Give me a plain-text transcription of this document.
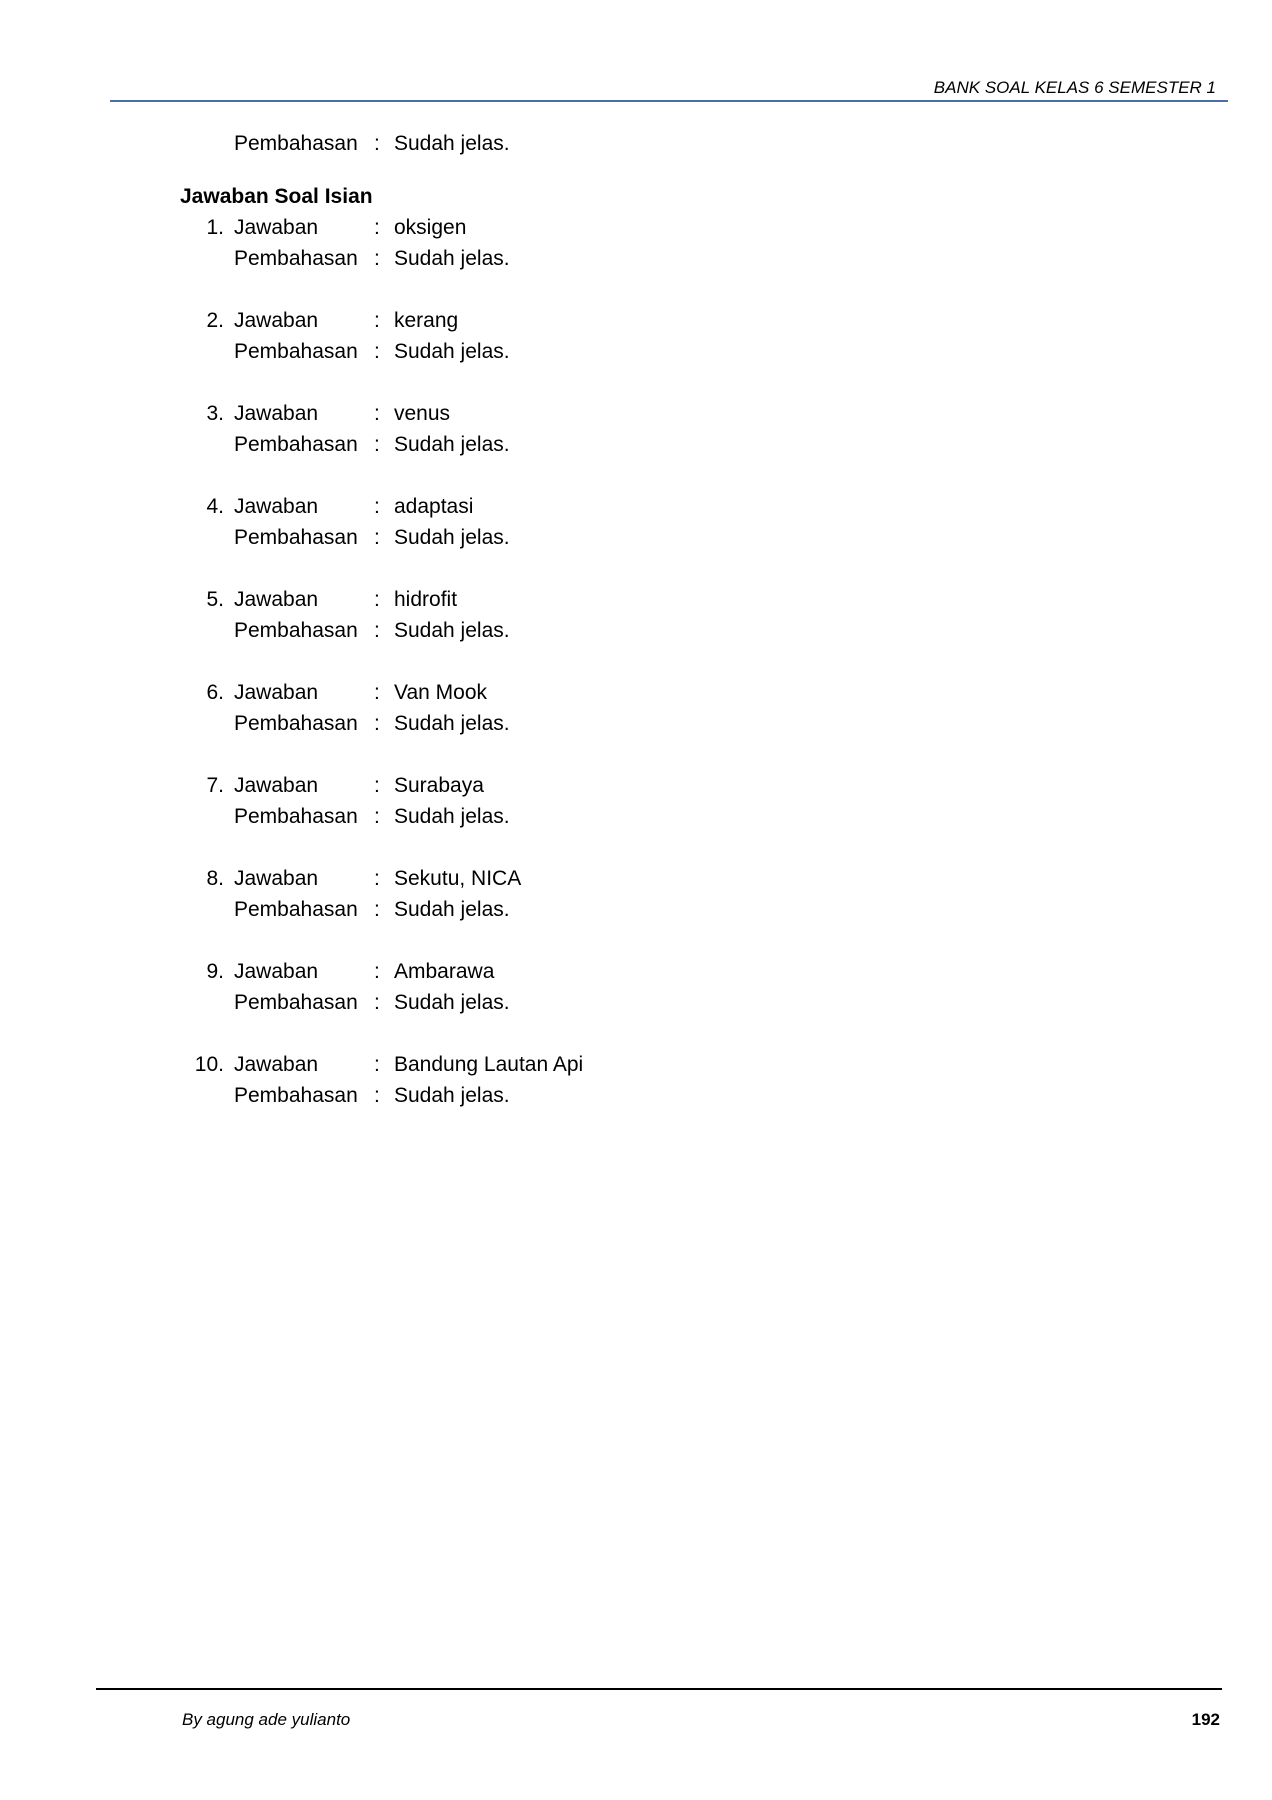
BANK SOAL KELAS 6 SEMESTER 1
Pembahasan : Sudah jelas.
Jawaban Soal Isian
1. Jawaban	: oksigen
Pembahasan : Sudah jelas.
2. Jawaban	: kerang
Pembahasan : Sudah jelas.
3. Jawaban	: venus
Pembahasan : Sudah jelas.
4. Jawaban	: adaptasi
Pembahasan : Sudah jelas.
5. Jawaban	: hidrofit
Pembahasan : Sudah jelas.
6. Jawaban	: Van Mook
Pembahasan : Sudah jelas.
7. Jawaban	: Surabaya
Pembahasan : Sudah jelas.
8. Jawaban	: Sekutu, NICA
Pembahasan : Sudah jelas.
9. Jawaban	: Ambarawa
Pembahasan : Sudah jelas.
10. Jawaban	: Bandung Lautan Api
Pembahasan : Sudah jelas.
By agung ade yulianto	192
